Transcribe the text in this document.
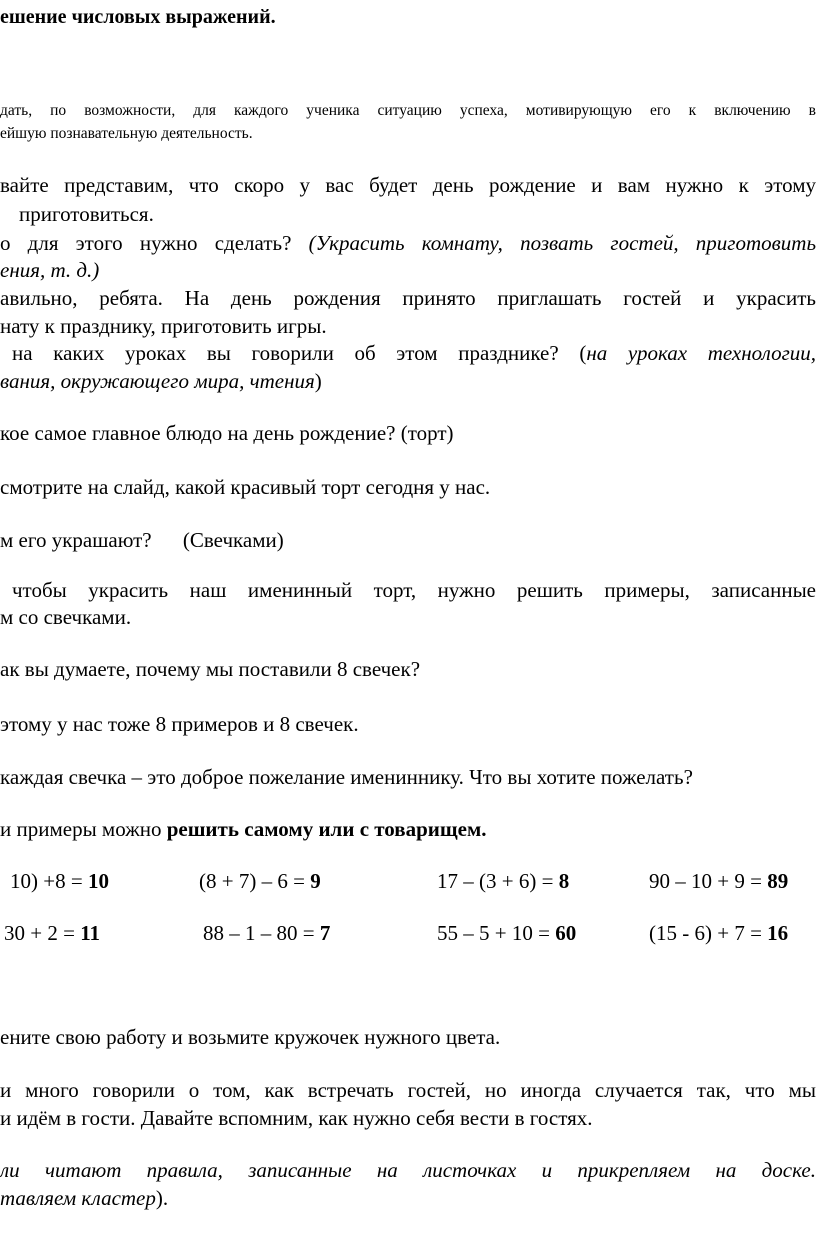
ешение числовых выражений.
дать, по возможности, для каждого ученика ситуацию успеха, мотивирующую его к включению в
ейшую познавательную деятельность.
вайте представим, что скоро у вас будет день рождение и вам нужно к этому
приготовиться.
о для этого нужно сделать? (Украсить комнату, позвать гостей, приготовить
ения, т. д.)
авильно, ребята. На день рождения принято приглашать гостей и украсить
нату к празднику, приготовить игры.
на каких уроках вы говорили об этом празднике? (на уроках технологии,
вания, окружающего мира, чтения)
кое самое главное блюдо на день рождение? (торт)
смотрите на слайд, какой красивый торт сегодня у нас.
м его украшают? (Свечками)
чтобы украсить наш именинный торт, нужно решить примеры, записанные
м со свечками.
ак вы думаете, почему мы поставили 8 свечек?
этому у нас тоже 8 примеров и 8 свечек.
каждая свечка – это доброе пожелание имениннику. Что вы хотите пожелать?
и примеры можно решить самому или с товарищем.
10) +8 = 10	(8 + 7) – 6 = 9	17 – (3 + 6) = 8	90 – 10 + 9 = 89
30 + 2 = 11	88 – 1 – 80 = 7	55 – 5 + 10 = 60	(15 - 6) + 7 = 16
ените свою работу и возьмите кружочек нужного цвета.
и много говорили о том, как встречать гостей, но иногда случается так, что мы
и идём в гости. Давайте вспомним, как нужно себя вести в гостях.
ли читают правила, записанные на листочках и прикрепляем на доске.
тавляем кластер).
